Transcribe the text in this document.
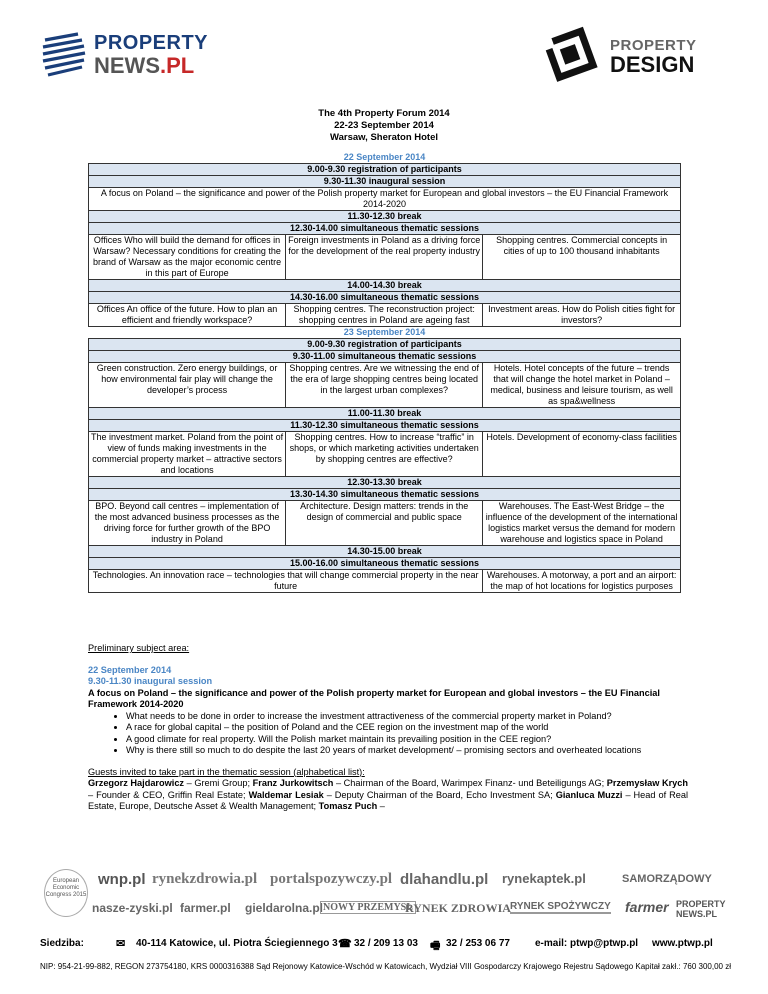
PROPERTY
NEWS.PL
PROPERTY
DESIGN
The 4th Property Forum 2014
22-23 September 2014
Warsaw, Sheraton Hotel
22 September 2014		
9.00-9.30 registration of participants		
9.30-11.30 inaugural session		
A focus on Poland – the significance and power of the Polish property market for European and global investors – the EU Financial Framework 2014-2020		
11.30-12.30 break		
12.30-14.00 simultaneous thematic sessions		
Offices Who will build the demand for offices in Warsaw? Necessary conditions for creating the brand of Warsaw as the major economic centre in this part of Europe	Foreign investments in Poland as a driving force for the development of the real property industry	Shopping centres. Commercial concepts in cities of up to 100 thousand inhabitants
14.00-14.30 break		
14.30-16.00 simultaneous thematic sessions		
Offices An office of the future. How to plan an efficient and friendly workspace?	Shopping centres. The reconstruction project: shopping centres in Poland are ageing fast	Investment areas. How do Polish cities fight for investors?
23 September 2014		
9.00-9.30 registration of participants		
9.30-11.00 simultaneous thematic sessions		
Green construction. Zero energy buildings, or how environmental fair play will change the developer’s process	Shopping centres. Are we witnessing the end of the era of large shopping centres being located in the largest urban complexes?	Hotels. Hotel concepts of the future – trends that will change the hotel market in Poland – medical, business and leisure tourism, as well as spa&wellness
11.00-11.30 break		
11.30-12.30 simultaneous thematic sessions		
The investment market. Poland from the point of view of funds making investments in the commercial property market – attractive sectors and locations	Shopping centres. How to increase “traffic” in shops, or which marketing activities undertaken by shopping centres are effective?	Hotels. Development of economy-class facilities
12.30-13.30 break		
13.30-14.30 simultaneous thematic sessions		
BPO. Beyond call centres – implementation of the most advanced business processes as the driving force for further growth of the BPO industry in Poland	Architecture. Design matters: trends in the design of commercial and public space	Warehouses. The East-West Bridge – the influence of the development of the international logistics market versus the demand for modern warehouse and logistics space in Poland
14.30-15.00 break		
15.00-16.00 simultaneous thematic sessions		
Technologies. An innovation race – technologies that will change commercial property in the near future		Warehouses. A motorway, a port and an airport: the map of hot locations for logistics purposes

Preliminary subject area:

22 September 2014

9.30-11.30 inaugural session

A focus on Poland – the significance and power of the Polish property market for European and global investors – the EU Financial Framework 2014-2020

• What needs to be done in order to increase the investment attractiveness of the commercial property market in Poland?
• A race for global capital – the position of Poland and the CEE region on the investment map of the world
• A good climate for real property. Will the Polish market maintain its prevailing position in the CEE region?
• Why is there still so much to do despite the last 20 years of market development/ – promising sectors and overheated locations

Guests invited to take part in the thematic session (alphabetical list):

Grzegorz Hajdarowicz – Gremi Group; Franz Jurkowitsch – Chairman of the Board, Warimpex Finanz- und Beteiligungs AG; Przemysław Krych – Founder & CEO, Griffin Real Estate; Waldemar Lesiak – Deputy Chairman of the Board, Echo Investment SA; Gianluca Muzzi – Head of Real Estate, Europe, Deutsche Asset & Wealth Management; Tomasz Puch –

European Economic Congress 2015
wnp.pl rynekzdrowia.pl portalspozywczy.pl dlahandlu.pl rynekaptek.pl	SAMORZĄDOWY
nasze-zyski.pl farmer.pl gieldarolna.pl NOWY PRZEMYSŁ
RYNEK ZDROWIA RYNEK SPOŻYWCZY farmer PROPERTY NEWS.PL
Siedziba:	✉ 40-114 Katowice, ul. Piotra Ściegiennego 3 ☎ 32 / 209 13 03 🖷 32 / 253 06 77	e-mail: ptwp@ptwp.pl www.ptwp.pl
NIP: 954-21-99-882, REGON 273754180, KRS 0000316388 Sąd Rejonowy Katowice-Wschód w Katowicach, Wydział VIII Gospodarczy Krajowego Rejestru Sądowego Kapitał zakł.: 760 300,00 zł
